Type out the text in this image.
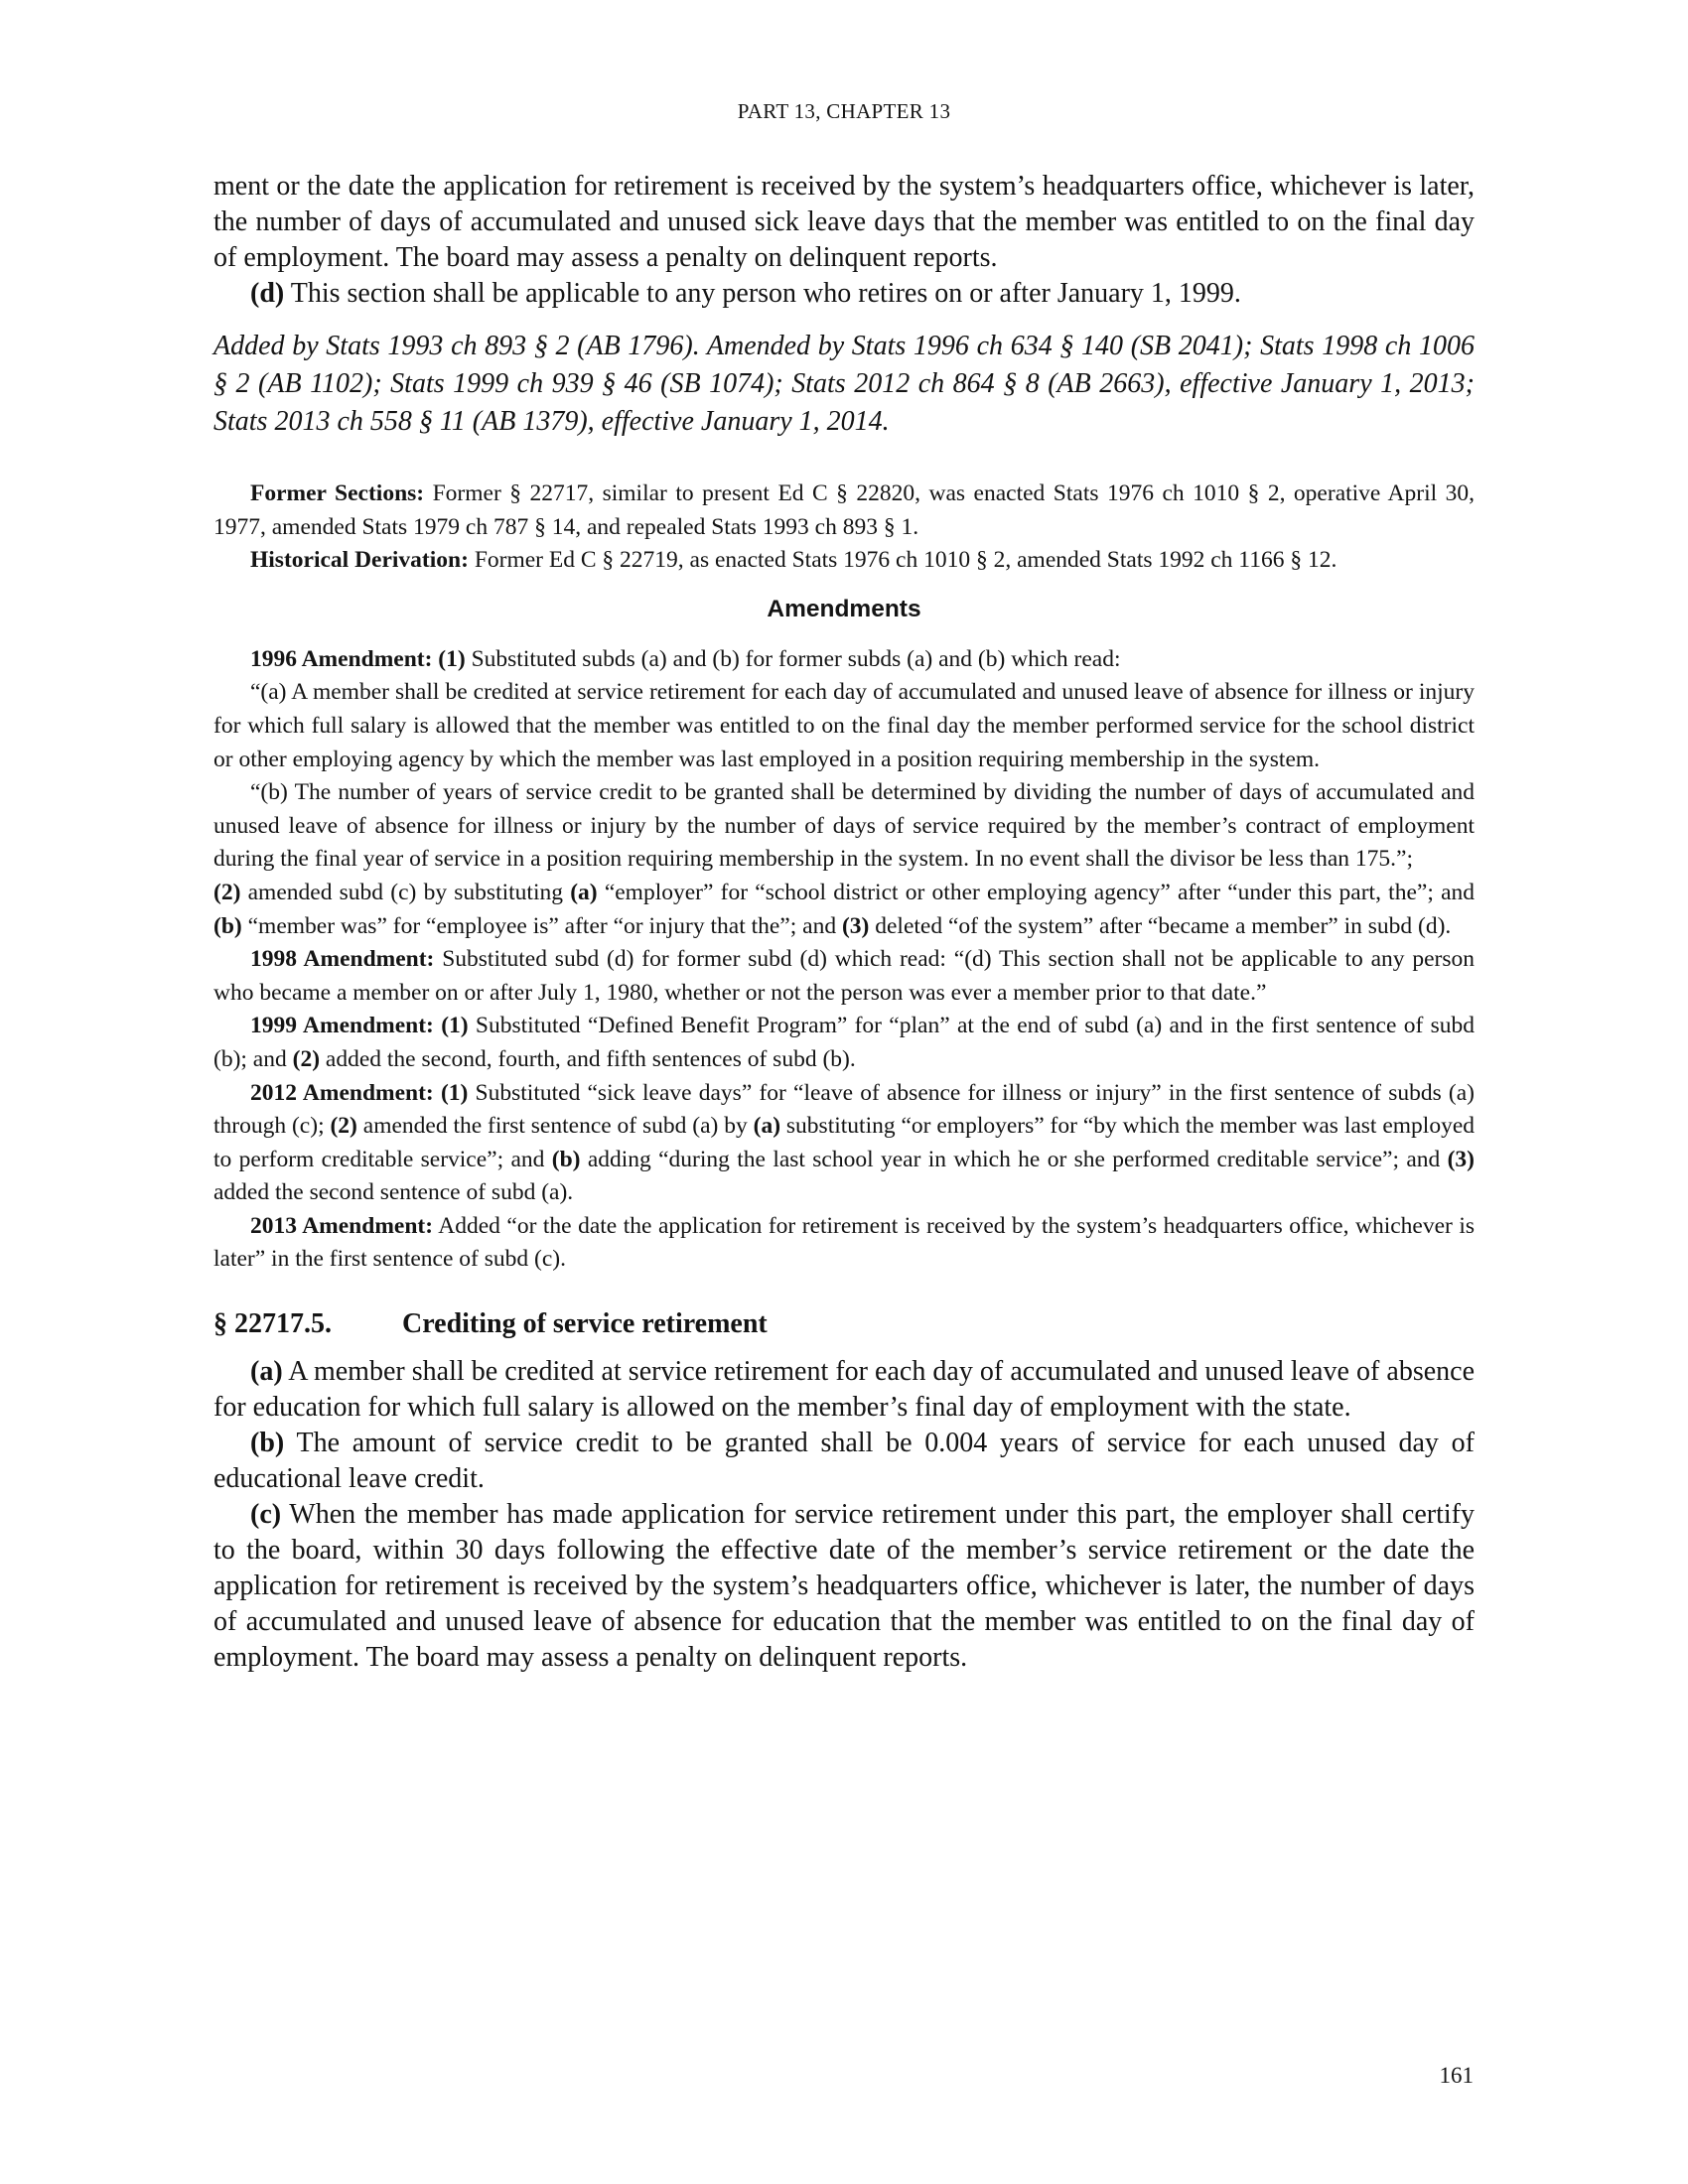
PART 13, CHAPTER 13

ment or the date the application for retirement is received by the system’s headquarters office, whichever is later, the number of days of accumulated and unused sick leave days that the member was entitled to on the final day of employment. The board may assess a penalty on delinquent reports.

(d) This section shall be applicable to any person who retires on or after January 1, 1999.

Added by Stats 1993 ch 893 § 2 (AB 1796). Amended by Stats 1996 ch 634 § 140 (SB 2041); Stats 1998 ch 1006 § 2 (AB 1102); Stats 1999 ch 939 § 46 (SB 1074); Stats 2012 ch 864 § 8 (AB 2663), effective January 1, 2013; Stats 2013 ch 558 § 11 (AB 1379), effective January 1, 2014.

Former Sections: Former § 22717, similar to present Ed C § 22820, was enacted Stats 1976 ch 1010 § 2, operative April 30, 1977, amended Stats 1979 ch 787 § 14, and repealed Stats 1993 ch 893 § 1.

Historical Derivation: Former Ed C § 22719, as enacted Stats 1976 ch 1010 § 2, amended Stats 1992 ch 1166 § 12.

Amendments

1996 Amendment: (1) Substituted subds (a) and (b) for former subds (a) and (b) which read:

“(a) A member shall be credited at service retirement for each day of accumulated and unused leave of absence for illness or injury for which full salary is allowed that the member was entitled to on the final day the member performed service for the school district or other employing agency by which the member was last employed in a position requiring membership in the system.

“(b) The number of years of service credit to be granted shall be determined by dividing the number of days of accumulated and unused leave of absence for illness or injury by the number of days of service required by the member’s contract of employment during the final year of service in a position requiring membership in the system. In no event shall the divisor be less than 175.”;

(2) amended subd (c) by substituting (a) “employer” for “school district or other employing agency” after “under this part, the”; and (b) “member was” for “employee is” after “or injury that the”; and (3) deleted “of the system” after “became a member” in subd (d).

1998 Amendment: Substituted subd (d) for former subd (d) which read: “(d) This section shall not be applicable to any person who became a member on or after July 1, 1980, whether or not the person was ever a member prior to that date.”

1999 Amendment: (1) Substituted “Defined Benefit Program” for “plan” at the end of subd (a) and in the first sentence of subd (b); and (2) added the second, fourth, and fifth sentences of subd (b).

2012 Amendment: (1) Substituted “sick leave days” for “leave of absence for illness or injury” in the first sentence of subds (a) through (c); (2) amended the first sentence of subd (a) by (a) substituting “or employers” for “by which the member was last employed to perform creditable service”; and (b) adding “during the last school year in which he or she performed creditable service”; and (3) added the second sentence of subd (a).

2013 Amendment: Added “or the date the application for retirement is received by the system’s headquarters office, whichever is later” in the first sentence of subd (c).

§ 22717.5.	Crediting of service retirement

(a) A member shall be credited at service retirement for each day of accumulated and unused leave of absence for education for which full salary is allowed on the member’s final day of employment with the state.

(b) The amount of service credit to be granted shall be 0.004 years of service for each unused day of educational leave credit.

(c) When the member has made application for service retirement under this part, the employer shall certify to the board, within 30 days following the effective date of the member’s service retirement or the date the application for retirement is received by the system’s headquarters office, whichever is later, the number of days of accumulated and unused leave of absence for education that the member was entitled to on the final day of employment. The board may assess a penalty on delinquent reports.

161
